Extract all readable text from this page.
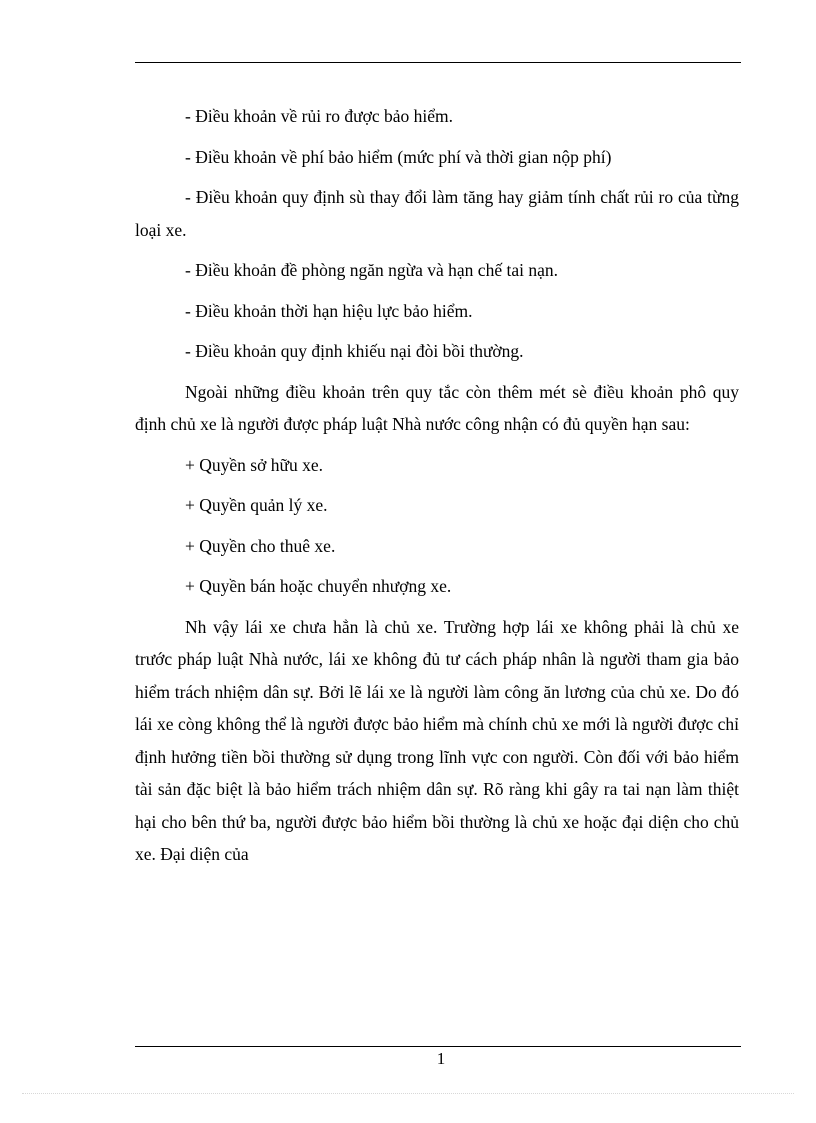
- Điều khoản về rủi ro được bảo hiểm.

- Điều khoản về phí bảo hiểm (mức phí và thời gian nộp phí)

- Điều khoản quy định sù thay đổi làm tăng hay giảm tính chất rủi ro của từng loại xe.

- Điều khoản đề phòng ngăn ngừa và hạn chế tai nạn.

- Điều khoản thời hạn hiệu lực bảo hiểm.

- Điều khoản quy định khiếu nại đòi bồi thường.

Ngoài những điều khoản trên quy tắc còn thêm mét sè điều khoản phô quy định chủ xe là người được pháp luật Nhà nước công nhận có đủ quyền hạn sau:

+ Quyền sở hữu xe.

+ Quyền quản lý xe.

+ Quyền cho thuê xe.

+ Quyền bán hoặc chuyển nhượng xe.

Nh vậy lái xe chưa hẳn là chủ xe. Trường hợp lái xe không phải là chủ xe trước pháp luật Nhà nước, lái xe không đủ tư cách pháp nhân là người tham gia bảo hiểm trách nhiệm dân sự. Bởi lẽ lái xe là người làm công ăn lương của chủ xe. Do đó lái xe còng không thể là người được bảo hiểm mà chính chủ xe mới là người được chỉ định hưởng tiền bồi thường sử dụng trong lĩnh vực con người. Còn đối với bảo hiểm tài sản đặc biệt là bảo hiểm trách nhiệm dân sự. Rõ ràng khi gây ra tai nạn làm thiệt hại cho bên thứ ba, người được bảo hiểm bồi thường là chủ xe hoặc đại diện cho chủ xe. Đại diện của

1
